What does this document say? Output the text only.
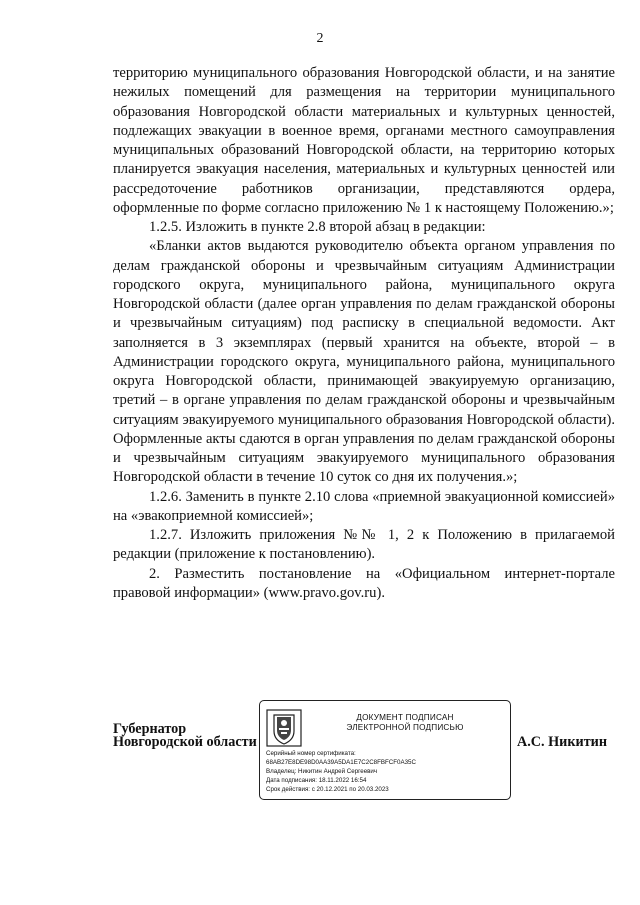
2

территорию муниципального образования Новгородской области, и на занятие нежилых помещений для размещения на территории муниципального образования Новгородской области материальных и культурных ценностей, подлежащих эвакуации в военное время, органами местного самоуправления муниципальных образований Новгородской области, на территорию которых планируется эвакуация населения, материальных и культурных ценностей или рассредоточение работников организации, представляются ордера, оформленные по форме согласно приложению № 1 к настоящему Положению.»;

1.2.5. Изложить в пункте 2.8 второй абзац в редакции:

«Бланки актов выдаются руководителю объекта органом управления по делам гражданской обороны и чрезвычайным ситуациям Администрации городского округа, муниципального района, муниципального округа Новгородской области (далее орган управления по делам гражданской обороны и чрезвычайным ситуациям) под расписку в специальной ведомости. Акт заполняется в 3 экземплярах (первый хранится на объекте, второй – в Администрации городского округа, муниципального района, муниципального округа Новгородской области, принимающей эвакуируемую организацию, третий – в органе управления по делам гражданской обороны и чрезвычайным ситуациям эвакуируемого муниципального образования Новгородской области). Оформленные акты сдаются в орган управления по делам гражданской обороны и чрезвычайным ситуациям эвакуируемого муниципального образования Новгородской области в течение 10 суток со дня их получения.»;

1.2.6. Заменить в пункте 2.10 слова «приемной эвакуационной комиссией» на «эвакоприемной комиссией»;

1.2.7. Изложить приложения №№ 1, 2 к Положению в прилагаемой редакции (приложение к постановлению).

2. Разместить постановление на «Официальном интернет-портале правовой информации» (www.pravo.gov.ru).

Губернатор
Новгородской области
ДОКУМЕНТ ПОДПИСАН
ЭЛЕКТРОННОЙ ПОДПИСЬЮ
Серийный номер сертификата:
68AB27E8DE98D0AA39A5DA1E7C2C8FBFCF0A35C
Владелец: Никитин Андрей Сергеевич
Дата подписания: 18.11.2022 16:54
Срок действия: с 20.12.2021 по 20.03.2023
А.С. Никитин
